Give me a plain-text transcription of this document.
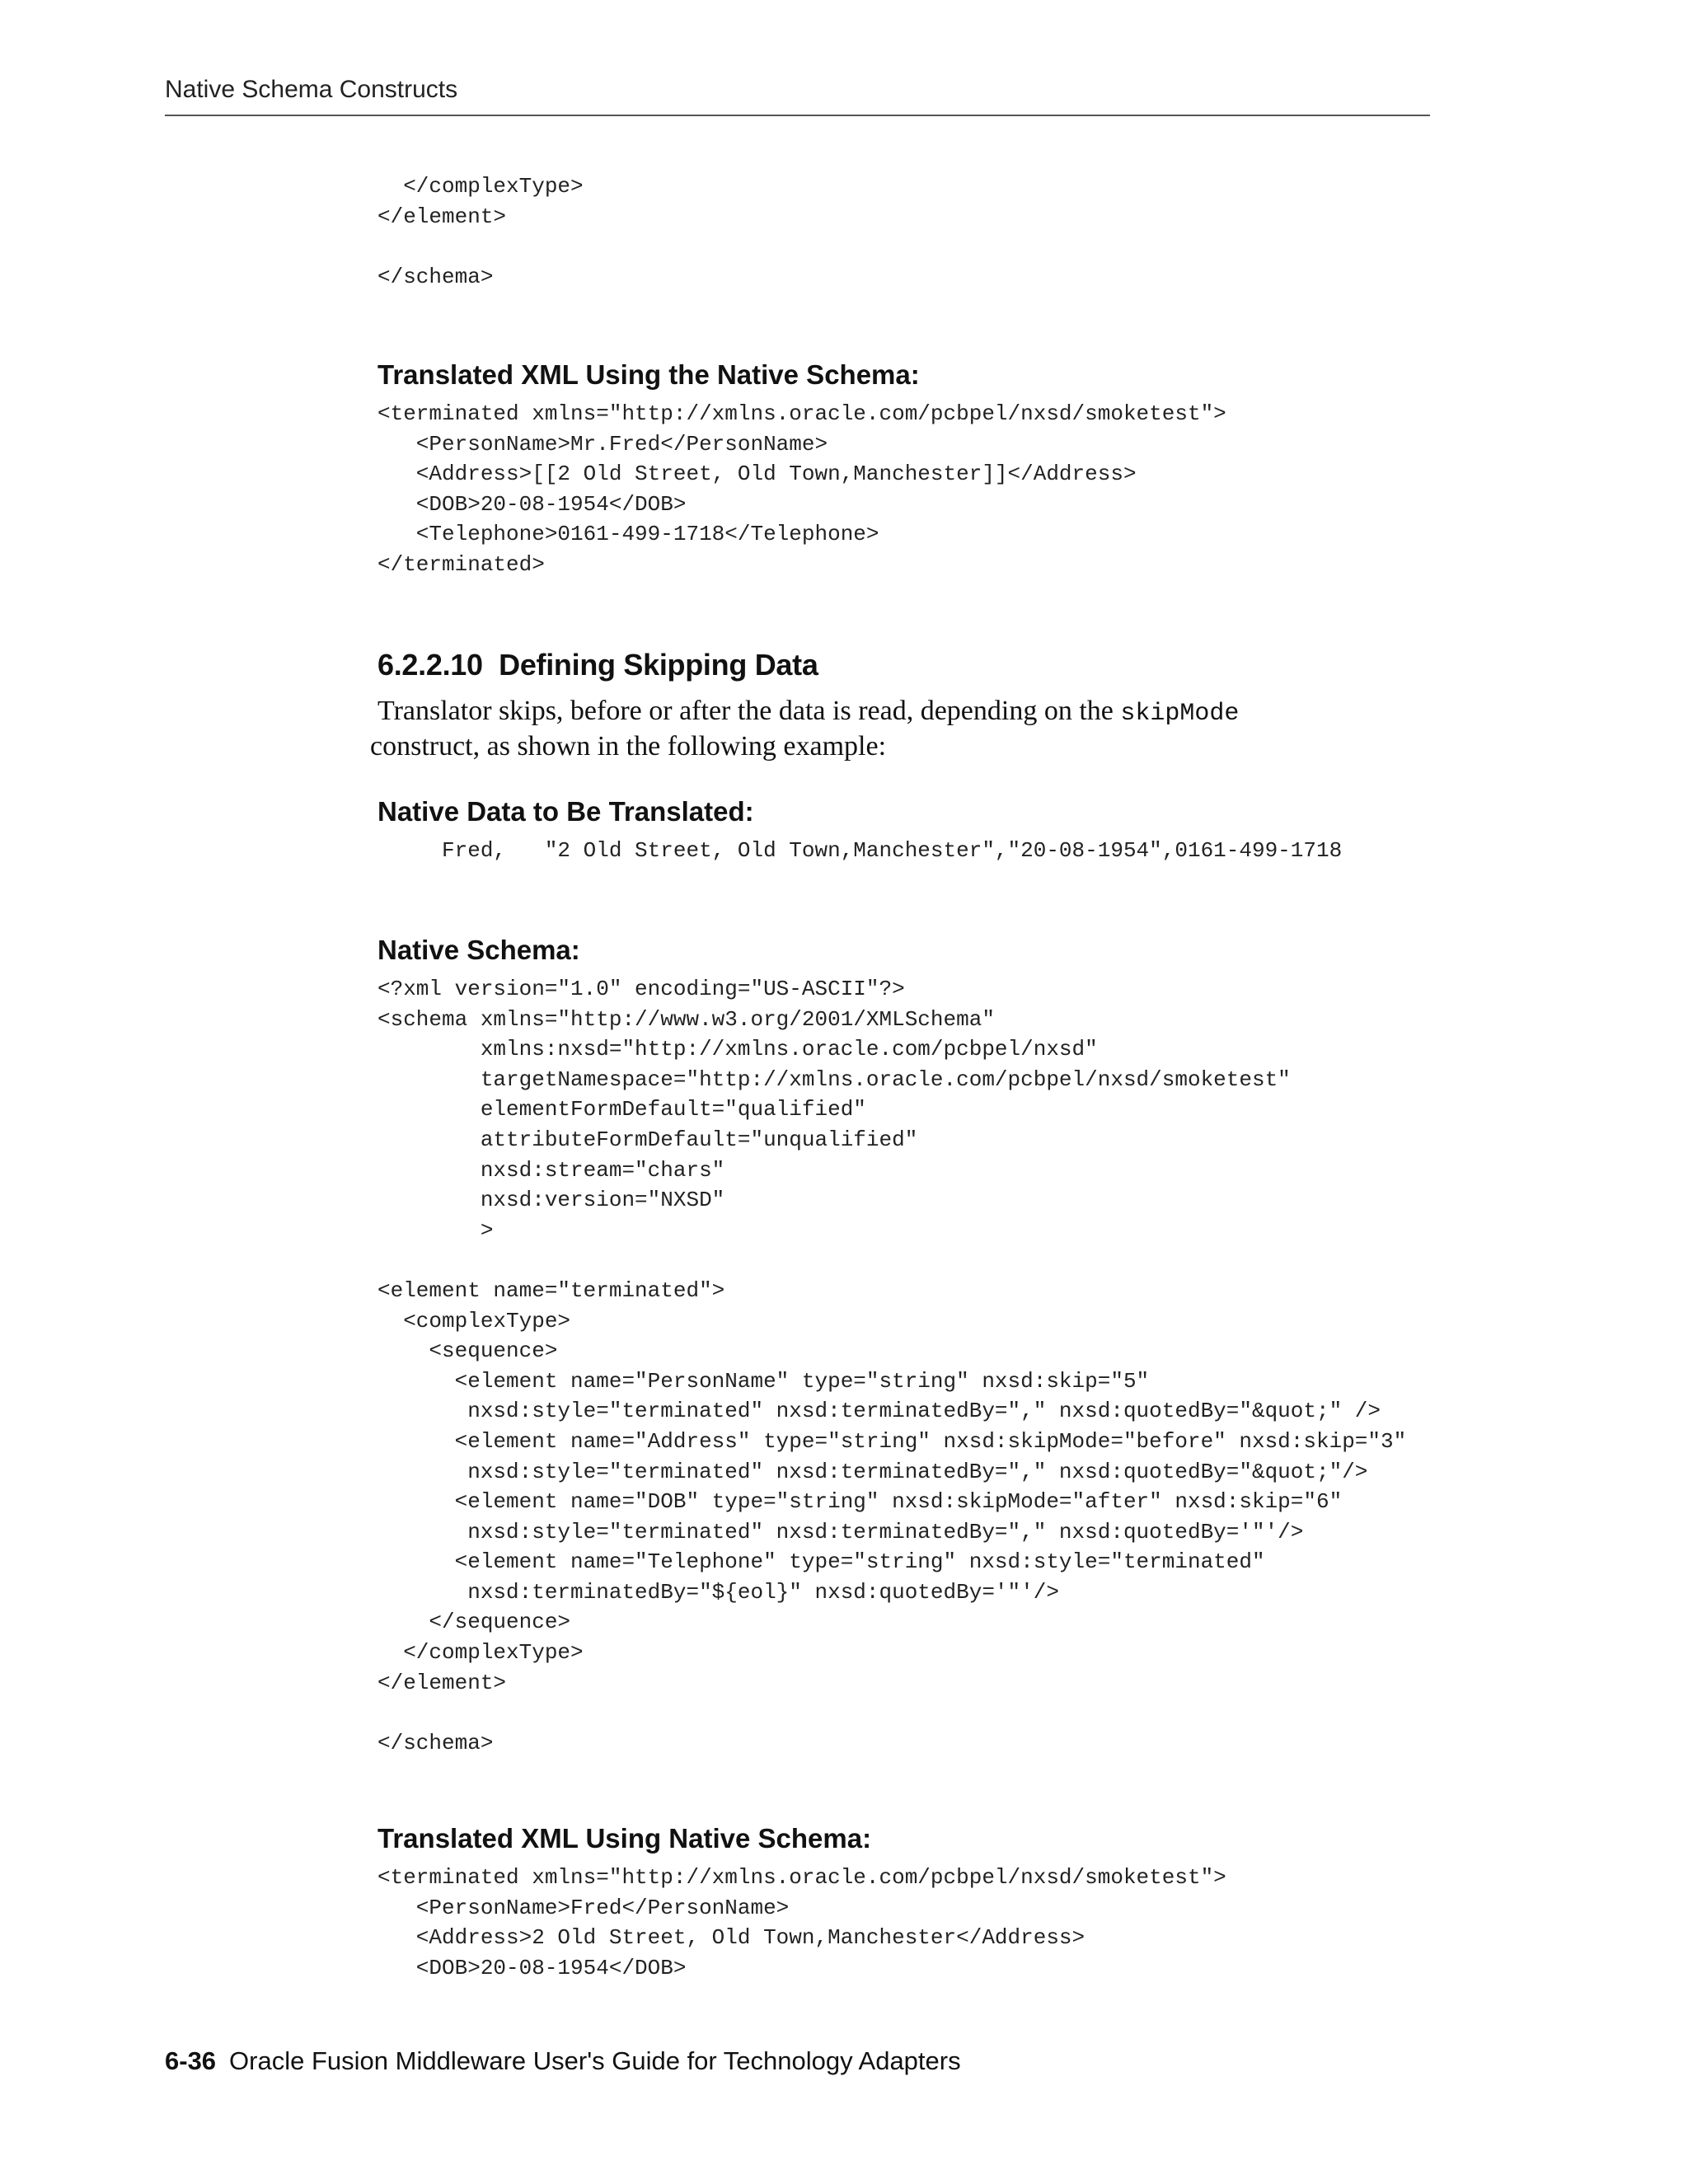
Native Schema Constructs
</complexType>
</element>

</schema>
Translated XML Using the Native Schema:
<terminated xmlns="http://xmlns.oracle.com/pcbpel/nxsd/smoketest">
<PersonName>Mr.Fred</PersonName>
<Address>[[2 Old Street, Old Town,Manchester]]</Address>
<DOB>20-08-1954</DOB>
<Telephone>0161-499-1718</Telephone>
</terminated>
6.2.2.10 Defining Skipping Data

Translator skips, before or after the data is read, depending on the skipMode
construct, as shown in the following example:

Native Data to Be Translated:
Fred,   "2 Old Street, Old Town,Manchester","20-08-1954",0161-499-1718
Native Schema:
<?xml version="1.0" encoding="US-ASCII"?>
<schema xmlns="http://www.w3.org/2001/XMLSchema"
xmlns:nxsd="http://xmlns.oracle.com/pcbpel/nxsd"
targetNamespace="http://xmlns.oracle.com/pcbpel/nxsd/smoketest"
elementFormDefault="qualified"
attributeFormDefault="unqualified"
nxsd:stream="chars"
nxsd:version="NXSD"
>

<element name="terminated">
<complexType>
<sequence>
<element name="PersonName" type="string" nxsd:skip="5"
nxsd:style="terminated" nxsd:terminatedBy="," nxsd:quotedBy="&quot;" />
<element name="Address" type="string" nxsd:skipMode="before" nxsd:skip="3"
nxsd:style="terminated" nxsd:terminatedBy="," nxsd:quotedBy="&quot;"/>
<element name="DOB" type="string" nxsd:skipMode="after" nxsd:skip="6"
nxsd:style="terminated" nxsd:terminatedBy="," nxsd:quotedBy='"'/>
<element name="Telephone" type="string" nxsd:style="terminated"
nxsd:terminatedBy="${eol}" nxsd:quotedBy='"'/>
</sequence>
</complexType>
</element>

</schema>
Translated XML Using Native Schema:
<terminated xmlns="http://xmlns.oracle.com/pcbpel/nxsd/smoketest">
<PersonName>Fred</PersonName>
<Address>2 Old Street, Old Town,Manchester</Address>
<DOB>20-08-1954</DOB>
6-36 Oracle Fusion Middleware User's Guide for Technology Adapters
